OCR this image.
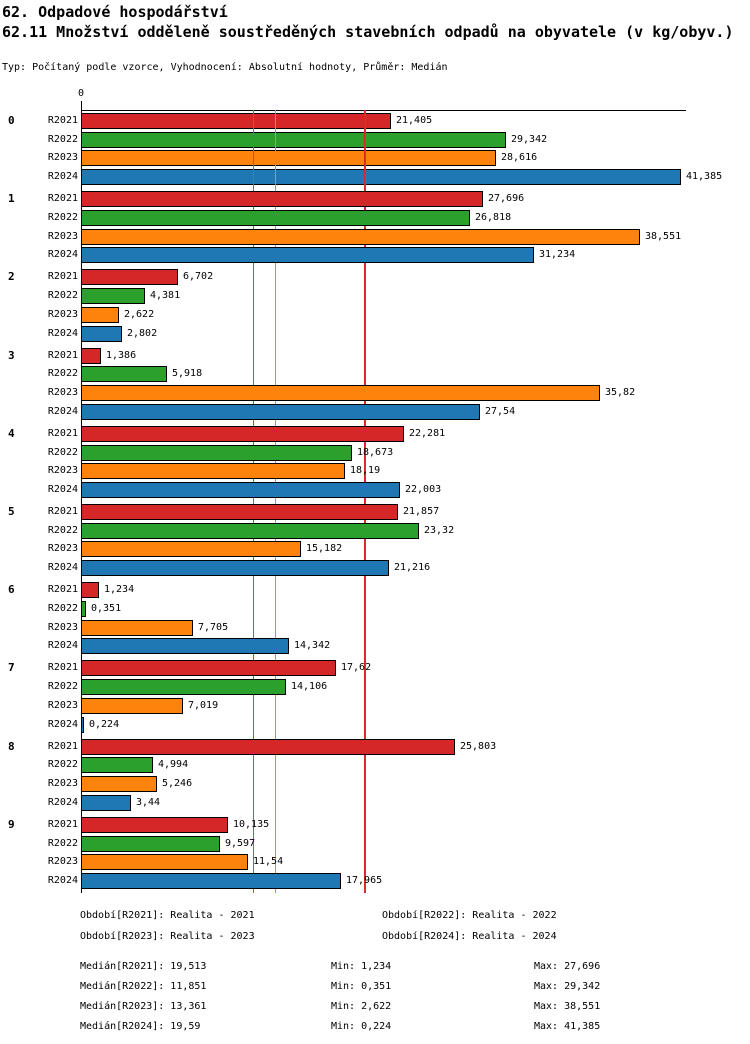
62. Odpadové hospodářství
62.11 Množství odděleně soustředěných stavebních odpadů na obyvatele (v kg/obyv.)
Typ: Počítaný podle vzorce, Vyhodnocení: Absolutní hodnoty, Průměr: Medián
0
R2021	21,405
0
R2022	29,342
R2023	28,616
R2024	41,385
R2021	27,696
1
R2022	26,818
R2023	38,551
R2024	31,234
R2021	6,702
2
R2022	4,381
R2023	2,622
R2024	2,802
R2021	1,386
3
R2022	5,918
R2023	35,82
R2024	27,54
R2021	22,281
4
R2022	18,673
R2023	18,19
R2024	22,003
R2021	21,857
5
R2022	23,32
R2023	15,182
R2024	21,216
R2021	1,234
6
R2022 0,351
R2023	7,705
R2024	14,342
R2021	17,62
7
R2022	14,106
R2023	7,019
R2024 0,224
R2021	25,803
8
R2022	4,994
R2023	5,246
R2024	3,44
R2021	10,135
9
R2022	9,597
R2023	11,54
R2024	17,965
Období[R2021]: Realita - 2021	Období[R2022]: Realita - 2022
Období[R2023]: Realita - 2023	Období[R2024]: Realita - 2024
Medián[R2021]: 19,513	Min: 1,234	Max: 27,696
Medián[R2022]: 11,851	Min: 0,351	Max: 29,342
Medián[R2023]: 13,361	Min: 2,622	Max: 38,551
Medián[R2024]: 19,59	Min: 0,224	Max: 41,385
